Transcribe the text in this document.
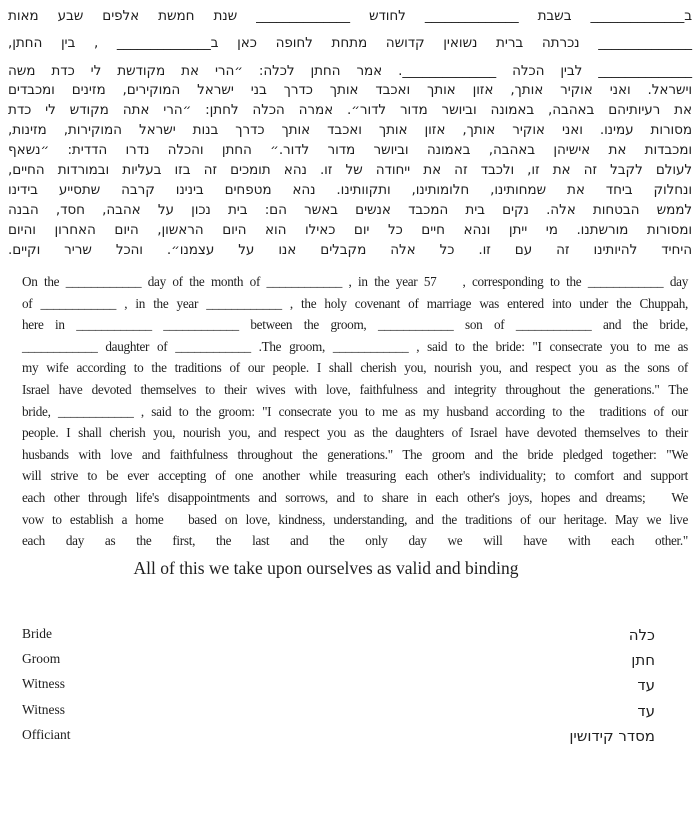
ב______________ בשבת ______________ לחודש ______________ שנת חמשת אלפים שבע מאות
______________ נכרתה ברית נשואין קדושה מתחת לחופה כאן ב______________ , בין החתן,
______________ לבין הכלה ______________. אמר החתן לכלה: ״הרי את מקודשת לי כדת משה
וישראל. ואני אוקיר אותך, אזון אותך ואכבד אותך כדרך בני ישראל המוקירים, מזינים ומכבדים
את רעיותיהם באהבה, באמונה וביושר מדור לדור״. אמרה הכלה לחתן: ״הרי אתה מקודש לי כדת
מסורות עמינו. ואני אוקיר אותך, אזון אותך ואכבד אותך כדרך בנות ישראל המוקירות, מזינות,
ומכבדות את אישיהן באהבה, באמונה וביושר מדור לדור.״ החתן והכלה נדרו הדדית: ״נשאף
לעולם לקבל זה את זו, ולכבד זה את ייחודה של זו. נהא תומכים זה בזו בעליות ובמורדות החיים,
ונחלוק ביחד את שמחותינו, חלומותינו, ותקוותינו. נהא מטפחים בינינו קרבה שתסייע בידינו
לממש הבטחות אלה. נקים בית המכבד אנשים באשר הם: בית נכון על אהבה, חסד, הבנה
ומסורות מורשתנו. מי ייתן ונהא חיים כל יום כאילו הוא היום הראשון, היום האחרון והיום
היחיד להיותינו זה עם זו. כל אלה מקבלים אנו על עצמנו״. והכל שריר וקיים.
On the ____________ day of the month of ____________ , in the year 57    , corresponding to the ____________ day
of ____________ , in the year ____________ , the holy covenant of marriage was entered into under the Chuppah,
here in ____________ ____________ between the groom, ____________ son of ____________ and the bride,
____________ daughter of ____________ .The groom, ____________ , said to the bride: "I consecrate you to me as
my wife according to the traditions of our people. I shall cherish you, nourish you, and respect you as the sons of
Israel have devoted themselves to their wives with love, faithfulness and integrity throughout the generations." The
bride, ____________ , said to the groom: "I consecrate you to me as my husband according to the  traditions of our
people. I shall cherish you, nourish you, and respect you as the daughters of Israel have devoted themselves to their
husbands with love and faithfulness throughout the generations." The groom and the bride pledged together: "We
will strive to be ever accepting of one another while treasuring each other's individuality; to comfort and support
each other through life's disappointments and sorrows, and to share in each other's joys, hopes and dreams;   We
vow to establish a home   based on love, kindness, understanding, and the traditions of our heritage. May we live
each day as the first, the last and the only day we will have with each other."
All of this we take upon ourselves as valid and binding
Bride	כלה
Groom	חתן
Witness	עד
Witness	עד
Officiant	מסדר קידושין
